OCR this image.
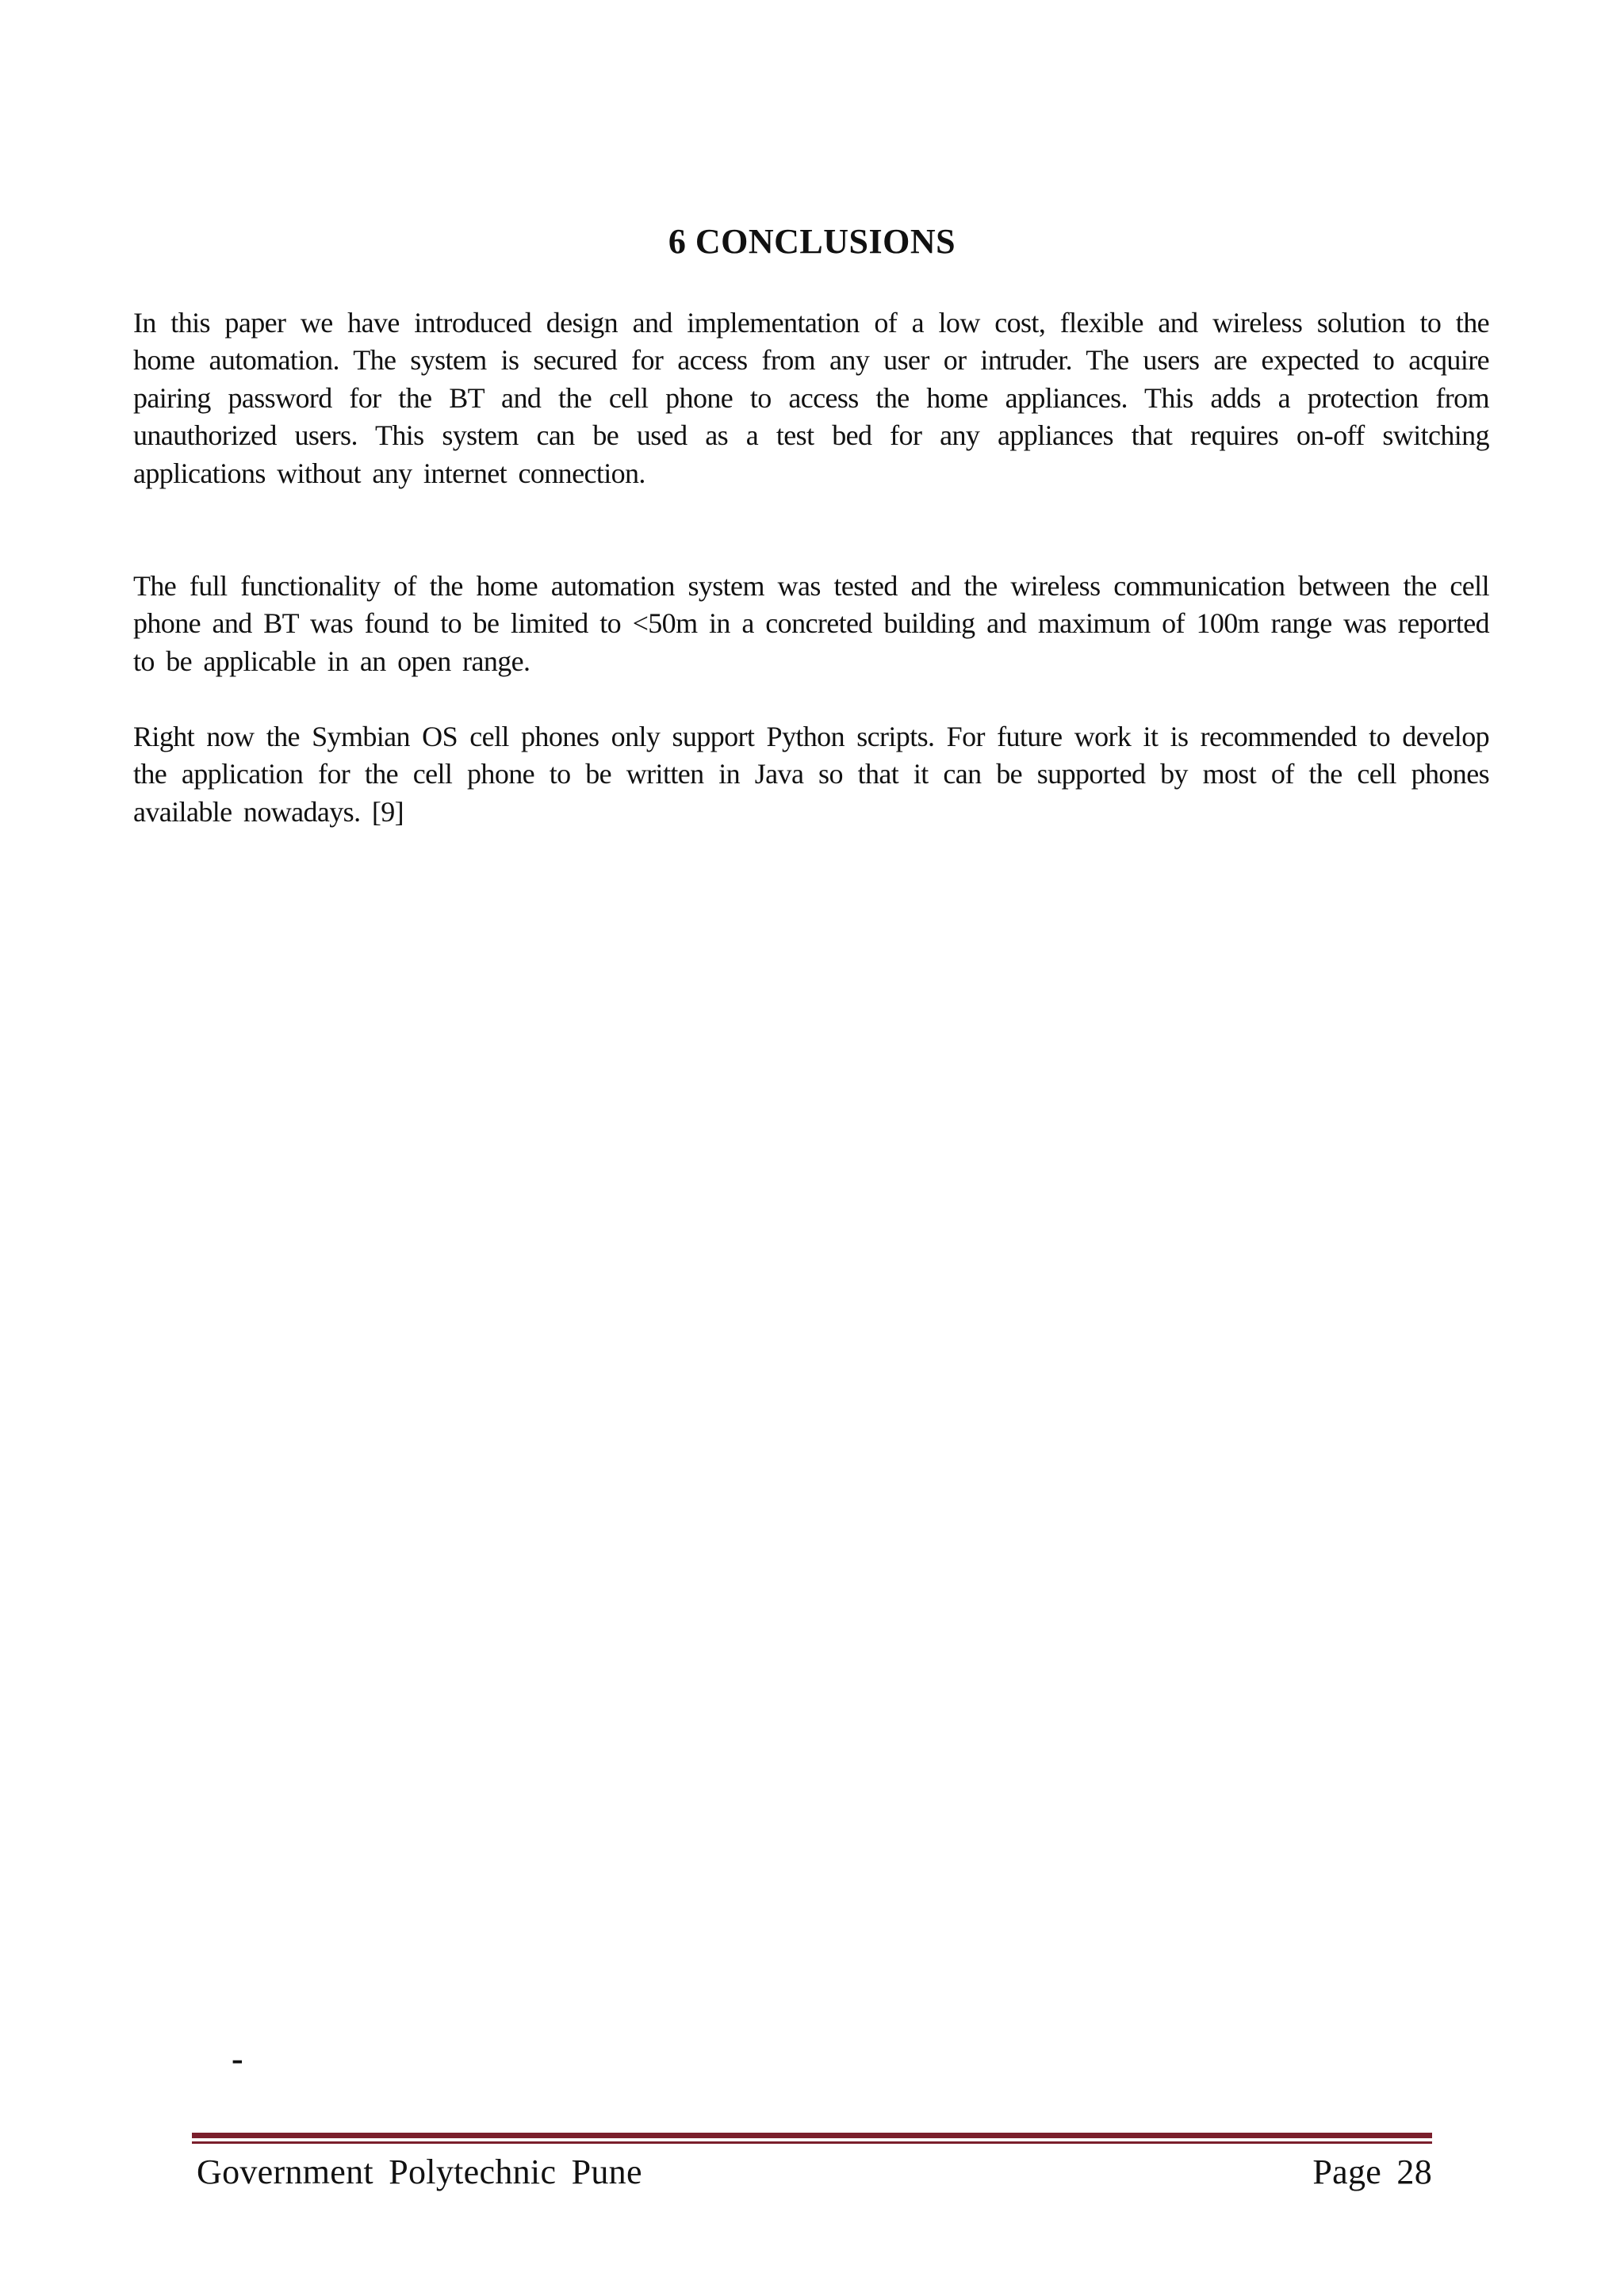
6 CONCLUSIONS

In this paper we have introduced design and implementation of a low cost, flexible and wireless solution to the home automation. The system is secured for access from any user or intruder. The users are expected to acquire pairing password for the BT and the cell phone to access the home appliances. This adds a protection from unauthorized users. This system can be used as a test bed for any appliances that requires on-off switching applications without any internet connection.

The full functionality of the home automation system was tested and the wireless communication between the cell phone and BT was found to be limited to <50m in a concreted building and maximum of 100m range was reported to be applicable in an open range.

Right now the Symbian OS cell phones only support Python scripts. For future work it is recommended to develop the application for the cell phone to be written in Java so that it can be supported by most of the cell phones available nowadays. [9]

-
Government Polytechnic Pune	Page 28
